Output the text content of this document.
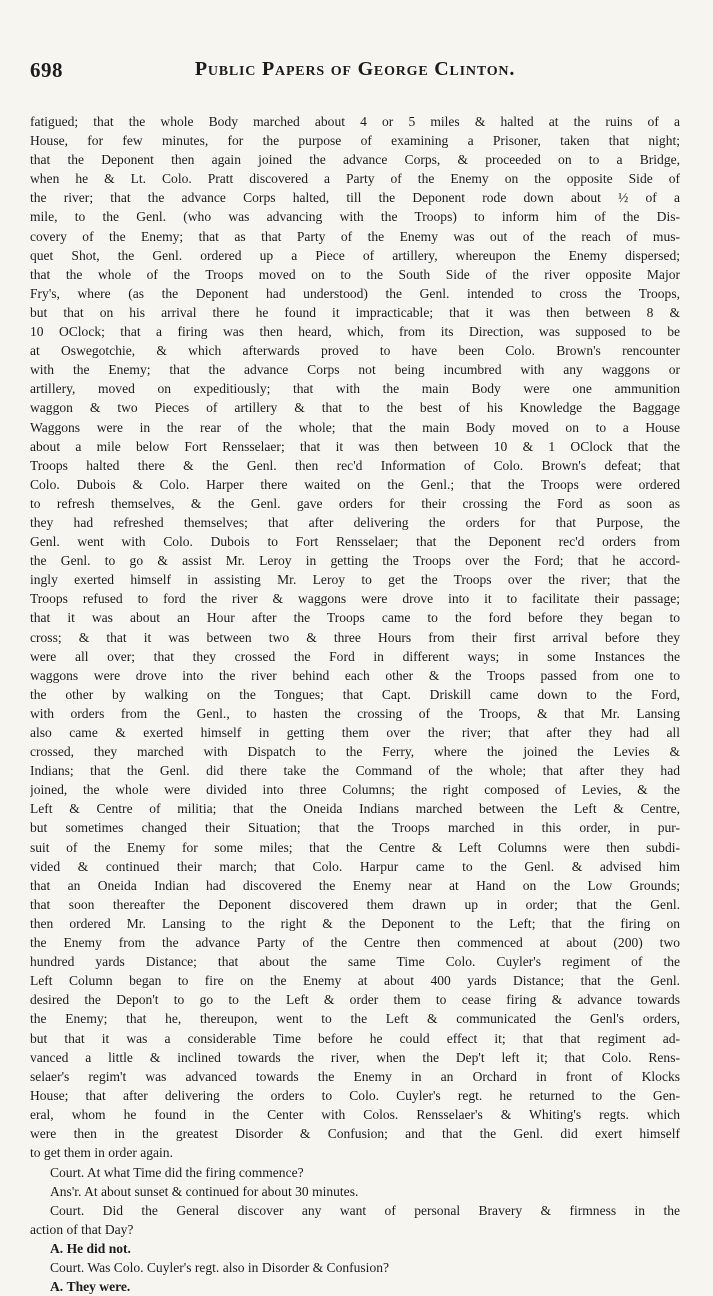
698	Public Papers of George Clinton.

fatigued; that the whole Body marched about 4 or 5 miles & halted at the ruins of a

House, for few minutes, for the purpose of examining a Prisoner, taken that night;

that the Deponent then again joined the advance Corps, & proceeded on to a Bridge,

when he & Lt. Colo. Pratt discovered a Party of the Enemy on the opposite Side of

the river; that the advance Corps halted, till the Deponent rode down about ½ of a

mile, to the Genl. (who was advancing with the Troops) to inform him of the Dis-

covery of the Enemy; that as that Party of the Enemy was out of the reach of mus-

quet Shot, the Genl. ordered up a Piece of artillery, whereupon the Enemy dispersed;

that the whole of the Troops moved on to the South Side of the river opposite Major

Fry's, where (as the Deponent had understood) the Genl. intended to cross the Troops,

but that on his arrival there he found it impracticable; that it was then between 8 &

10 OClock; that a firing was then heard, which, from its Direction, was supposed to be

at Oswegotchie, & which afterwards proved to have been Colo. Brown's rencounter

with the Enemy; that the advance Corps not being incumbred with any waggons or

artillery, moved on expeditiously; that with the main Body were one ammunition

waggon & two Pieces of artillery & that to the best of his Knowledge the Baggage

Waggons were in the rear of the whole; that the main Body moved on to a House

about a mile below Fort Rensselaer; that it was then between 10 & 1 OClock that the

Troops halted there & the Genl. then rec'd Information of Colo. Brown's defeat; that

Colo. Dubois & Colo. Harper there waited on the Genl.; that the Troops were ordered

to refresh themselves, & the Genl. gave orders for their crossing the Ford as soon as

they had refreshed themselves; that after delivering the orders for that Purpose, the

Genl. went with Colo. Dubois to Fort Rensselaer; that the Deponent rec'd orders from

the Genl. to go & assist Mr. Leroy in getting the Troops over the Ford; that he accord-

ingly exerted himself in assisting Mr. Leroy to get the Troops over the river; that the

Troops refused to ford the river & waggons were drove into it to facilitate their passage;

that it was about an Hour after the Troops came to the ford before they began to

cross; & that it was between two & three Hours from their first arrival before they

were all over; that they crossed the Ford in different ways; in some Instances the

waggons were drove into the river behind each other & the Troops passed from one to

the other by walking on the Tongues; that Capt. Driskill came down to the Ford,

with orders from the Genl., to hasten the crossing of the Troops, & that Mr. Lansing

also came & exerted himself in getting them over the river; that after they had all

crossed, they marched with Dispatch to the Ferry, where the joined the Levies &

Indians; that the Genl. did there take the Command of the whole; that after they had

joined, the whole were divided into three Columns; the right composed of Levies, & the

Left & Centre of militia; that the Oneida Indians marched between the Left & Centre,

but sometimes changed their Situation; that the Troops marched in this order, in pur-

suit of the Enemy for some miles; that the Centre & Left Columns were then subdi-

vided & continued their march; that Colo. Harpur came to the Genl. & advised him

that an Oneida Indian had discovered the Enemy near at Hand on the Low Grounds;

that soon thereafter the Deponent discovered them drawn up in order; that the Genl.

then ordered Mr. Lansing to the right & the Deponent to the Left; that the firing on

the Enemy from the advance Party of the Centre then commenced at about (200) two

hundred yards Distance; that about the same Time Colo. Cuyler's regiment of the

Left Column began to fire on the Enemy at about 400 yards Distance; that the Genl.

desired the Depon't to go to the Left & order them to cease firing & advance towards

the Enemy; that he, thereupon, went to the Left & communicated the Genl's orders,

but that it was a considerable Time before he could effect it; that that regiment ad-

vanced a little & inclined towards the river, when the Dep't left it; that Colo. Rens-

selaer's regim't was advanced towards the Enemy in an Orchard in front of Klocks

House; that after delivering the orders to Colo. Cuyler's regt. he returned to the Gen-

eral, whom he found in the Center with Colos. Rensselaer's & Whiting's regts. which

were then in the greatest Disorder & Confusion; and that the Genl. did exert himself

to get them in order again.

Court. At what Time did the firing commence?

Ans'r. At about sunset & continued for about 30 minutes.

Court. Did the General discover any want of personal Bravery & firmness in the

action of that Day?

A. He did not.

Court. Was Colo. Cuyler's regt. also in Disorder & Confusion?

A. They were.
